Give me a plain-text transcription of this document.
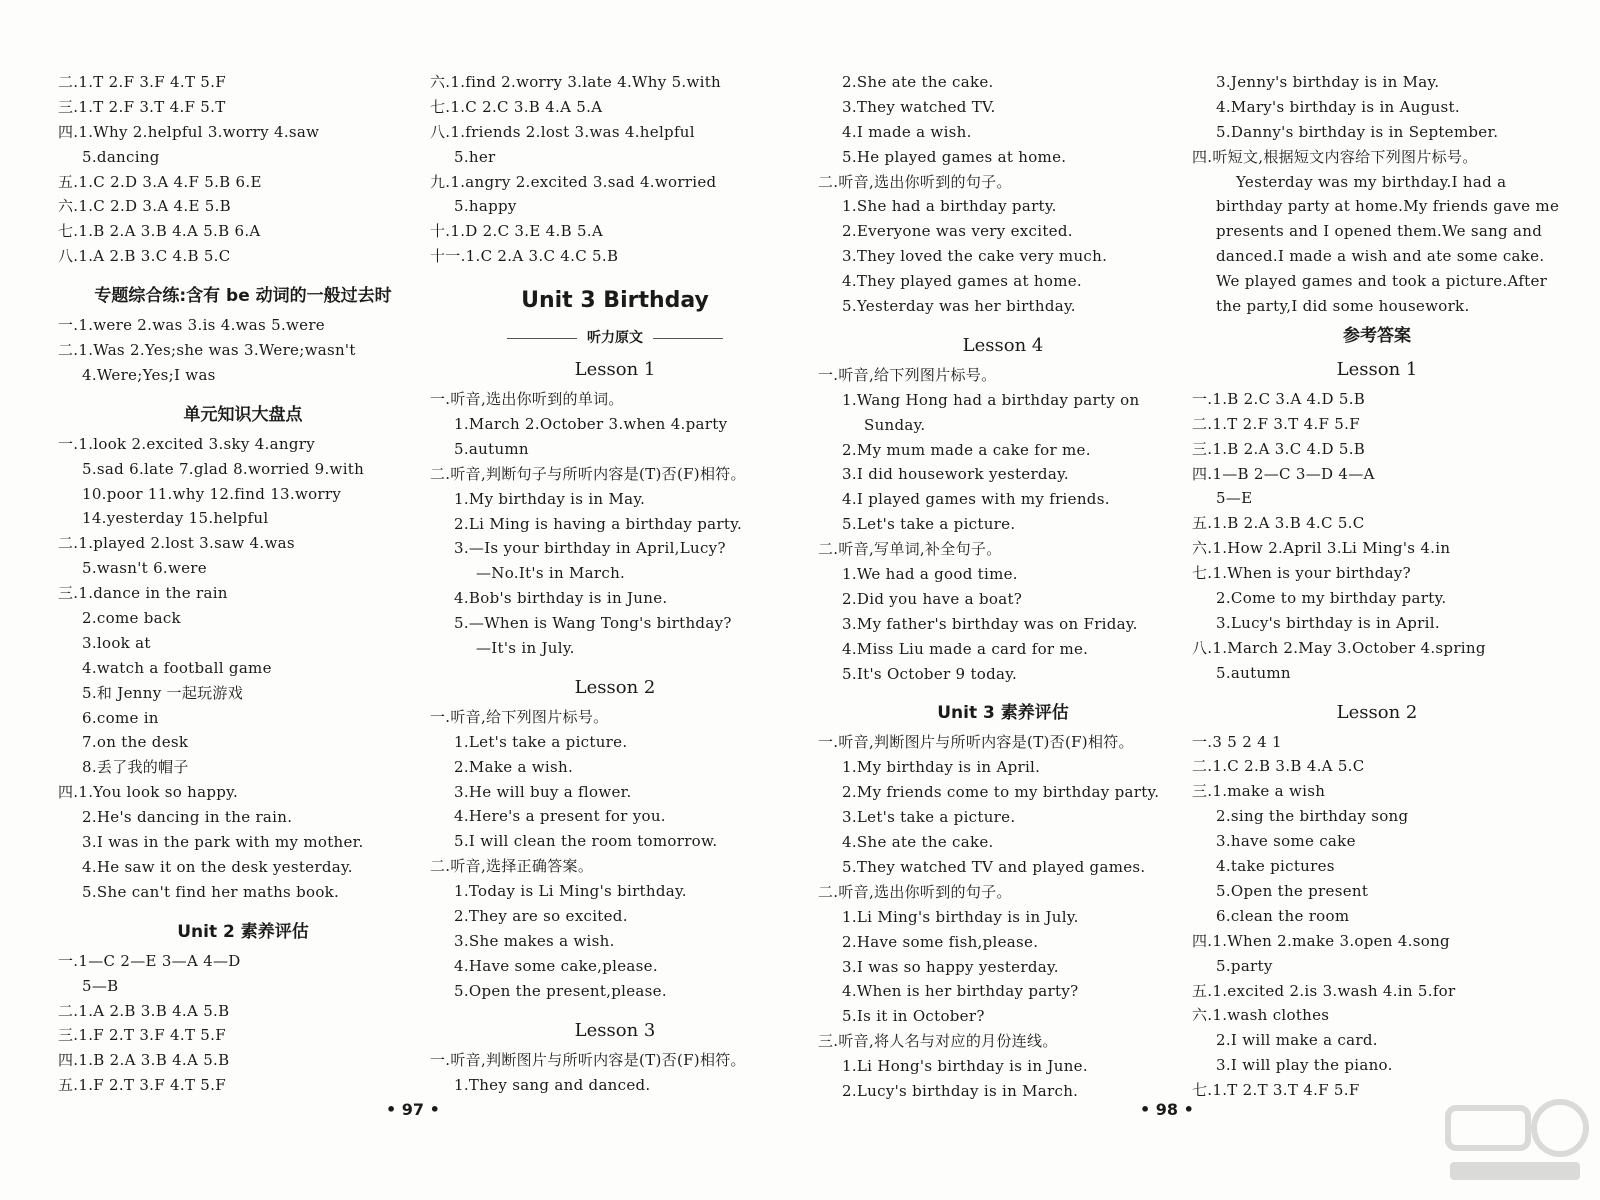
二.1.T 2.F 3.F 4.T 5.F
三.1.T 2.F 3.T 4.F 5.T
四.1.Why 2.helpful 3.worry 4.saw
5.dancing
五.1.C 2.D 3.A 4.F 5.B 6.E
六.1.C 2.D 3.A 4.E 5.B
七.1.B 2.A 3.B 4.A 5.B 6.A
八.1.A 2.B 3.C 4.B 5.C
专题综合练:含有 be 动词的一般过去时
一.1.were 2.was 3.is 4.was 5.were
二.1.Was 2.Yes;she was 3.Were;wasn't
4.Were;Yes;I was
单元知识大盘点
一.1.look 2.excited 3.sky 4.angry
5.sad 6.late 7.glad 8.worried 9.with
10.poor 11.why 12.find 13.worry
14.yesterday 15.helpful
二.1.played 2.lost 3.saw 4.was
5.wasn't 6.were
三.1.dance in the rain
2.come back
3.look at
4.watch a football game
5.和 Jenny 一起玩游戏
6.come in
7.on the desk
8.丢了我的帽子
四.1.You look so happy.
2.He's dancing in the rain.
3.I was in the park with my mother.
4.He saw it on the desk yesterday.
5.She can't find her maths book.
Unit 2 素养评估
一.1—C 2—E 3—A 4—D
5—B
二.1.A 2.B 3.B 4.A 5.B
三.1.F 2.T 3.F 4.T 5.F
四.1.B 2.A 3.B 4.A 5.B
五.1.F 2.T 3.F 4.T 5.F
六.1.find 2.worry 3.late 4.Why 5.with
七.1.C 2.C 3.B 4.A 5.A
八.1.friends 2.lost 3.was 4.helpful
5.her
九.1.angry 2.excited 3.sad 4.worried
5.happy
十.1.D 2.C 3.E 4.B 5.A
十一.1.C 2.A 3.C 4.C 5.B
Unit 3 Birthday
听力原文
Lesson 1
一.听音,选出你听到的单词。
1.March 2.October 3.when 4.party
5.autumn
二.听音,判断句子与所听内容是(T)否(F)相符。
1.My birthday is in May.
2.Li Ming is having a birthday party.
3.—Is your birthday in April,Lucy?
—No.It's in March.
4.Bob's birthday is in June.
5.—When is Wang Tong's birthday?
—It's in July.
Lesson 2
一.听音,给下列图片标号。
1.Let's take a picture.
2.Make a wish.
3.He will buy a flower.
4.Here's a present for you.
5.I will clean the room tomorrow.
二.听音,选择正确答案。
1.Today is Li Ming's birthday.
2.They are so excited.
3.She makes a wish.
4.Have some cake,please.
5.Open the present,please.
Lesson 3
一.听音,判断图片与所听内容是(T)否(F)相符。
1.They sang and danced.
2.She ate the cake.
3.They watched TV.
4.I made a wish.
5.He played games at home.
二.听音,选出你听到的句子。
1.She had a birthday party.
2.Everyone was very excited.
3.They loved the cake very much.
4.They played games at home.
5.Yesterday was her birthday.
Lesson 4
一.听音,给下列图片标号。
1.Wang Hong had a birthday party on
Sunday.
2.My mum made a cake for me.
3.I did housework yesterday.
4.I played games with my friends.
5.Let's take a picture.
二.听音,写单词,补全句子。
1.We had a good time.
2.Did you have a boat?
3.My father's birthday was on Friday.
4.Miss Liu made a card for me.
5.It's October 9 today.
Unit 3 素养评估
一.听音,判断图片与所听内容是(T)否(F)相符。
1.My birthday is in April.
2.My friends come to my birthday party.
3.Let's take a picture.
4.She ate the cake.
5.They watched TV and played games.
二.听音,选出你听到的句子。
1.Li Ming's birthday is in July.
2.Have some fish,please.
3.I was so happy yesterday.
4.When is her birthday party?
5.Is it in October?
三.听音,将人名与对应的月份连线。
1.Li Hong's birthday is in June.
2.Lucy's birthday is in March.
3.Jenny's birthday is in May.
4.Mary's birthday is in August.
5.Danny's birthday is in September.
四.听短文,根据短文内容给下列图片标号。
Yesterday was my birthday.I had a
birthday party at home.My friends gave me
presents and I opened them.We sang and
danced.I made a wish and ate some cake.
We played games and took a picture.After
the party,I did some housework.
参考答案
Lesson 1
一.1.B 2.C 3.A 4.D 5.B
二.1.T 2.F 3.T 4.F 5.F
三.1.B 2.A 3.C 4.D 5.B
四.1—B 2—C 3—D 4—A
5—E
五.1.B 2.A 3.B 4.C 5.C
六.1.How 2.April 3.Li Ming's 4.in
七.1.When is your birthday?
2.Come to my birthday party.
3.Lucy's birthday is in April.
八.1.March 2.May 3.October 4.spring
5.autumn
Lesson 2
一.3 5 2 4 1
二.1.C 2.B 3.B 4.A 5.C
三.1.make a wish
2.sing the birthday song
3.have some cake
4.take pictures
5.Open the present
6.clean the room
四.1.When 2.make 3.open 4.song
5.party
五.1.excited 2.is 3.wash 4.in 5.for
六.1.wash clothes
2.I will make a card.
3.I will play the piano.
七.1.T 2.T 3.T 4.F 5.F
• 97 •	• 98 •
